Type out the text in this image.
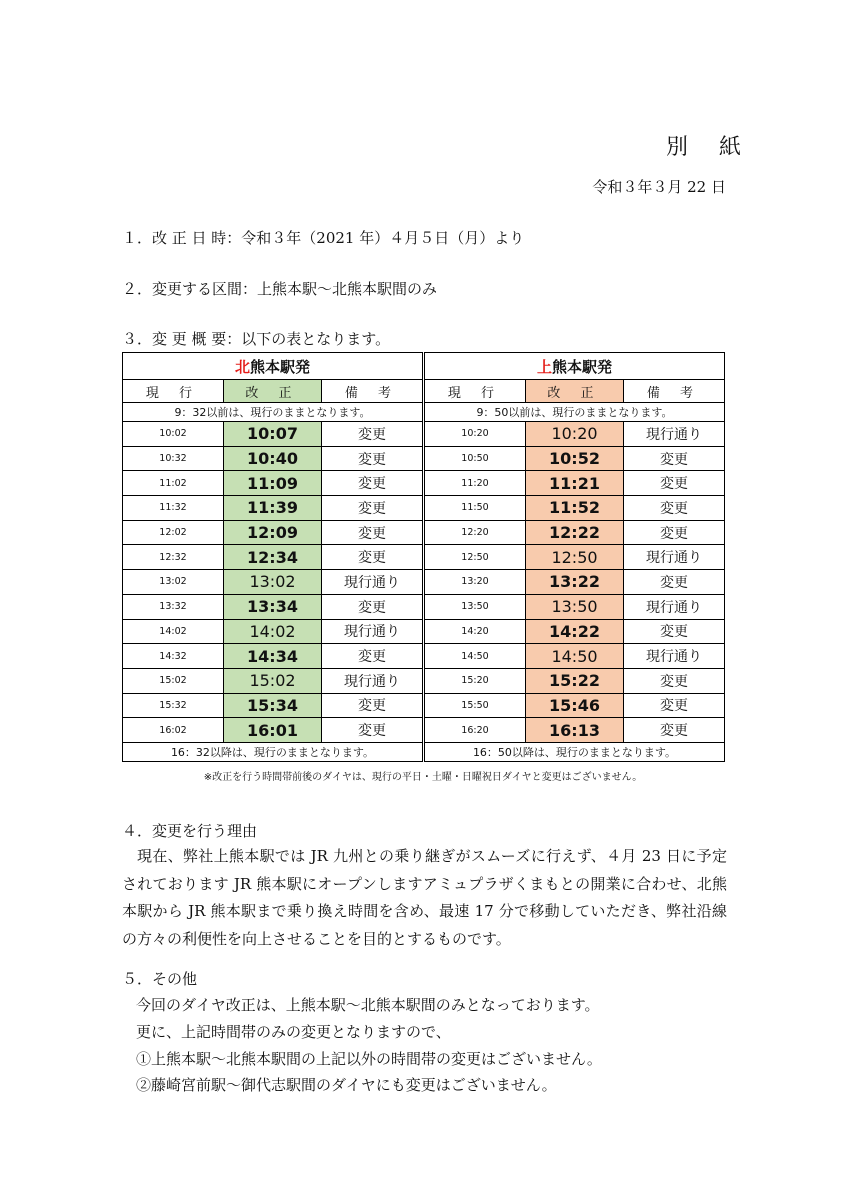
別 紙
令和３年３月 22 日
１．改 正 日 時：令和３年（2021 年）４月５日（月）より
２．変更する区間：上熊本駅～北熊本駅間のみ
３．変 更 概 要：以下の表となります。
北熊本駅発				上熊本駅発		
現 行	改 正	備 考		現 行	改 正	備 考
9：32以前は、現行のままとなります。				9：50以前は、現行のままとなります。		
10:02	10:07	変更		10:20	10:20	現行通り
10:32	10:40	変更		10:50	10:52	変更
11:02	11:09	変更		11:20	11:21	変更
11:32	11:39	変更		11:50	11:52	変更
12:02	12:09	変更		12:20	12:22	変更
12:32	12:34	変更		12:50	12:50	現行通り
13:02	13:02	現行通り		13:20	13:22	変更
13:32	13:34	変更		13:50	13:50	現行通り
14:02	14:02	現行通り		14:20	14:22	変更
14:32	14:34	変更		14:50	14:50	現行通り
15:02	15:02	現行通り		15:20	15:22	変更
15:32	15:34	変更		15:50	15:46	変更
16:02	16:01	変更		16:20	16:13	変更
16：32以降は、現行のままとなります。				16：50以降は、現行のままとなります。		
※改正を行う時間帯前後のダイヤは、現行の平日・土曜・日曜祝日ダイヤと変更はございません。
４．変更を行う理由
現在、弊社上熊本駅では JR 九州との乗り継ぎがスムーズに行えず、４月 23 日に予定されております JR 熊本駅にオープンしますアミュプラザくまもとの開業に合わせ、北熊本駅から JR 熊本駅まで乗り換え時間を含め、最速 17 分で移動していただき、弊社沿線の方々の利便性を向上させることを目的とするものです。
５．その他
今回のダイヤ改正は、上熊本駅～北熊本駅間のみとなっております。
更に、上記時間帯のみの変更となりますので、
①上熊本駅～北熊本駅間の上記以外の時間帯の変更はございません。
②藤崎宮前駅～御代志駅間のダイヤにも変更はございません。
